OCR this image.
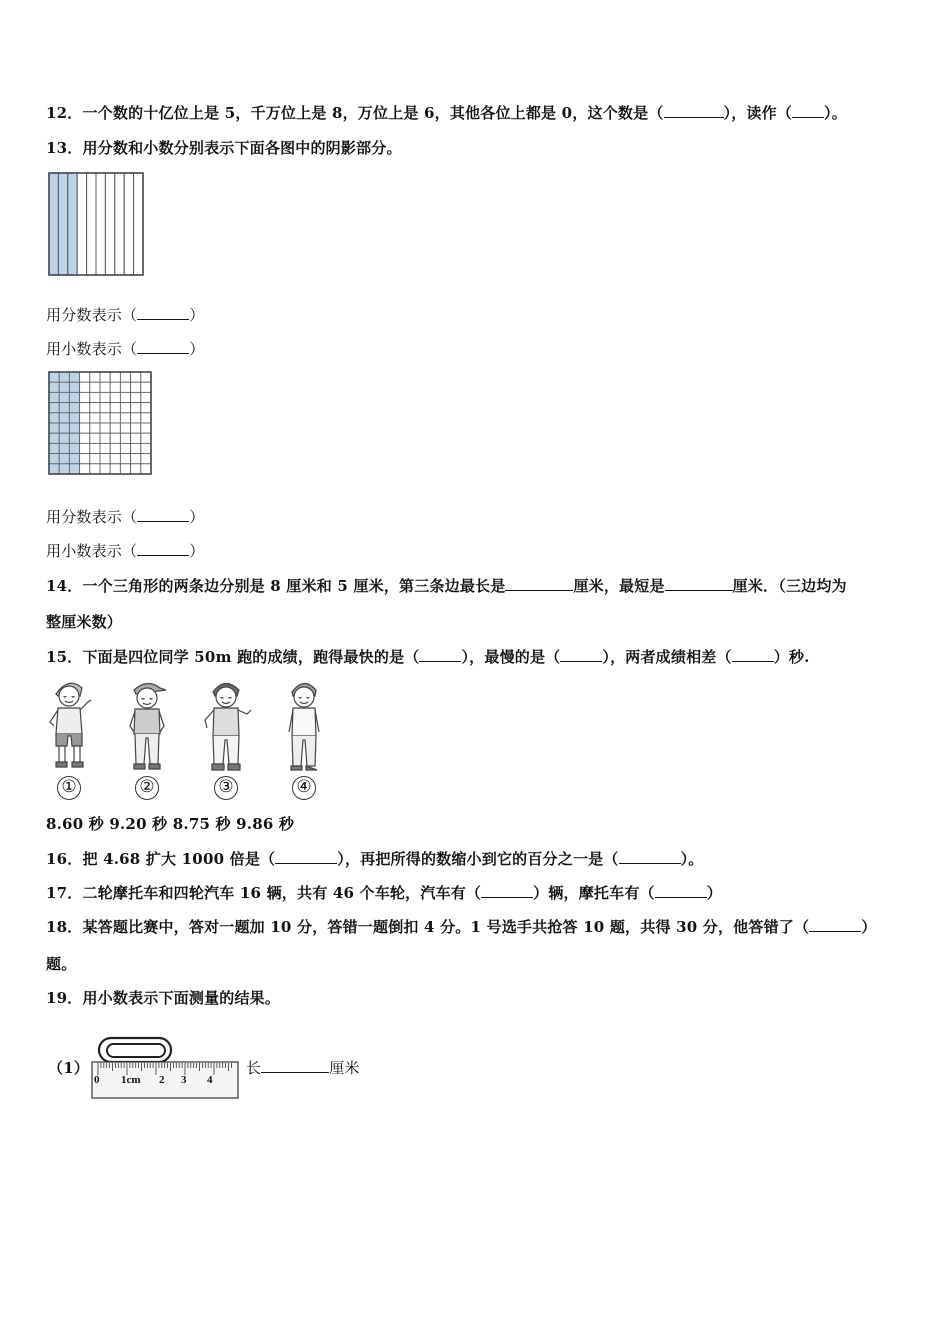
12．一个数的十亿位上是 5，千万位上是 8，万位上是 6，其他各位上都是 0，这个数是（	），读作（ ）。
13．用分数和小数分别表示下面各图中的阴影部分。
用分数表示（	）
用小数表示（	）
用分数表示（	）
用小数表示（	）
14．一个三角形的两条边分别是 8 厘米和 5 厘米，第三条边最长是	厘米，最短是	厘米．（三边均为
整厘米数）
15．下面是四位同学 50m 跑的成绩，跑得最快的是（	），最慢的是（	），两者成绩相差（	）秒.
①	②	③	④
8.60 秒 9.20 秒 8.75 秒 9.86 秒
16．把 4.68 扩大 1000 倍是（	），再把所得的数缩小到它的百分之一是（	）。
17．二轮摩托车和四轮汽车 16 辆，共有 46 个车轮，汽车有（	）辆，摩托车有（	）
18．某答题比赛中，答对一题加 10 分，答错一题倒扣 4 分。1 号选手共抢答 10 题，共得 30 分，他答错了（	）
题。
19．用小数表示下面测量的结果。
（1）
0 1cm 2 3 4
长	厘米
